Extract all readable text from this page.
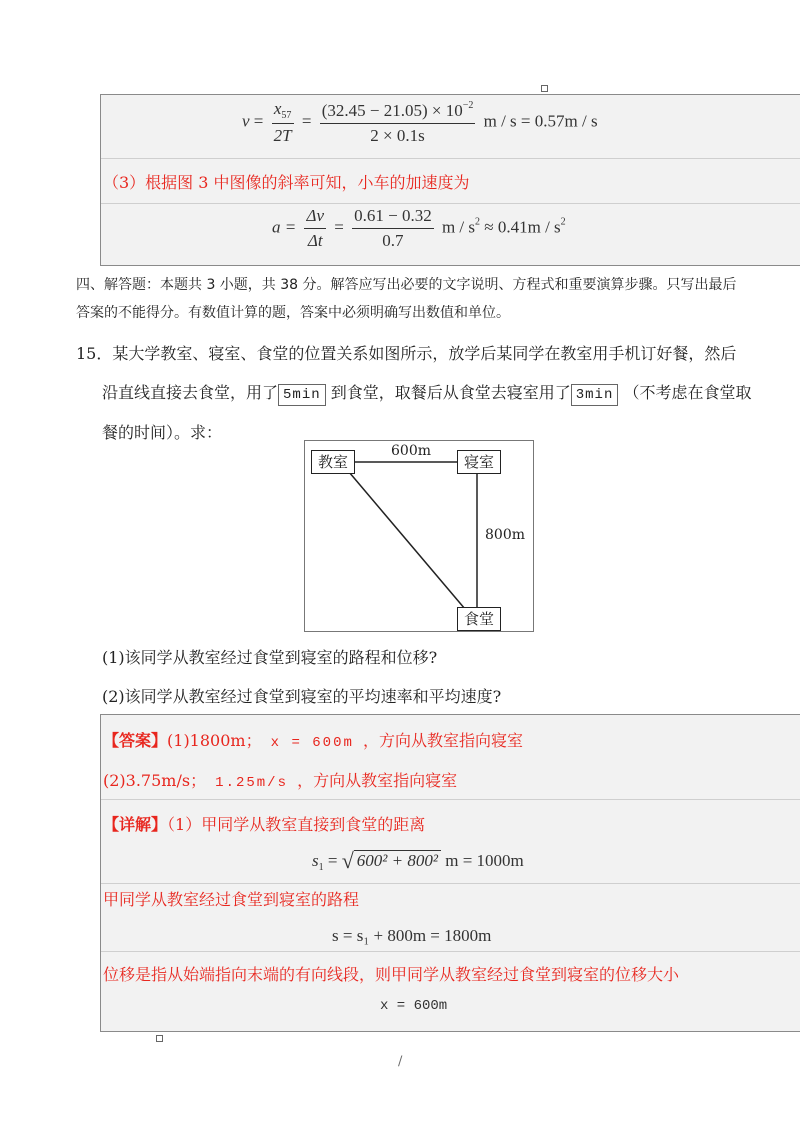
$v = \frac{x_{57}}{2T} = \frac{(32.45 - 21.05) \times 10^{-2}}{2 \times 0.1s}$ m / s = 0.57m / s
（3）根据图 3 中图像的斜率可知，小车的加速度为
$a = \frac{\Delta v}{\Delta t} = \frac{0.61 - 0.32}{0.7}$ $m / s^2 \approx 0.41m / s^2$
四、解答题：本题共 3 小题，共 38 分。解答应写出必要的文字说明、方程式和重要演算步骤。只写出最后
答案的不能得分。有数值计算的题，答案中必须明确写出数值和单位。
15．某大学教室、寝室、食堂的位置关系如图所示，放学后某同学在教室用手机订好餐，然后
沿直线直接去食堂，用了 5min 到食堂，取餐后从食堂去寝室用了 3min （不考虑在食堂取
餐的时间）。求：
教室	寝室
食堂
600m
800m
(1)该同学从教室经过食堂到寝室的路程和位移?
(2)该同学从教室经过食堂到寝室的平均速率和平均速度?
【答案】(1)1800m； x = 600m ，方向从教室指向寝室
(2)3.75m/s； 1.25m/s ，方向从教室指向寝室
【详解】（1）甲同学从教室直接到食堂的距离
$s_1$ = √ 600² + 800² m = 1000m
甲同学从教室经过食堂到寝室的路程
s = s₁ + 800m = 1800m
位移是指从始端指向末端的有向线段，则甲同学从教室经过食堂到寝室的位移大小
x = 600m
/
